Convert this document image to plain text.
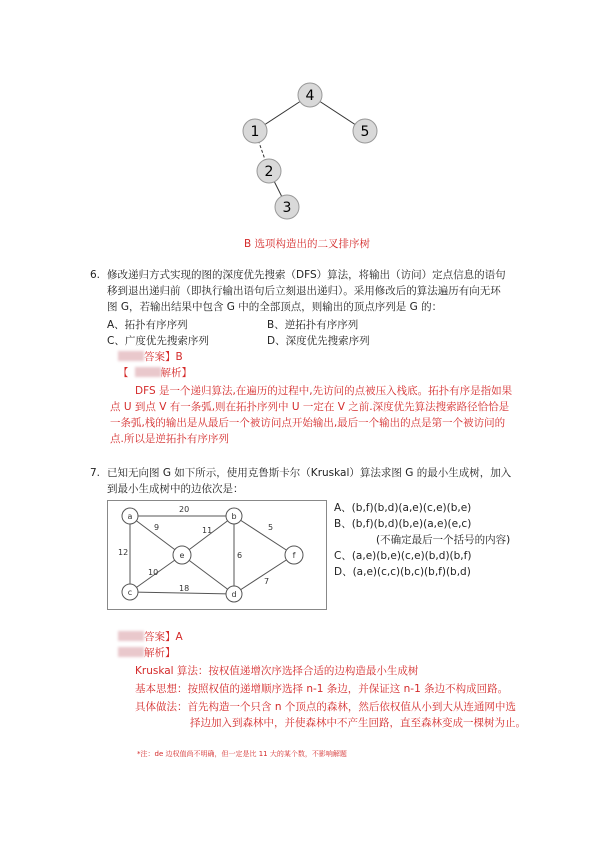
4
1	5
2
3
B 选项构造出的二叉排序树
6. 修改递归方式实现的图的深度优先搜索（DFS）算法，将输出（访问）定点信息的语句
移到退出递归前（即执行输出语句后立刻退出递归）。采用修改后的算法遍历有向无环
图 G，若输出结果中包含 G 中的全部顶点，则输出的顶点序列是 G 的：
A、拓扑有序序列	B、逆拓扑有序序列
C、广度优先搜索序列	D、深度优先搜索序列
答案】B
【	解析】
DFS 是一个递归算法,在遍历的过程中,先访问的点被压入栈底。拓扑有序是指如果
点 U 到点 V 有一条弧,则在拓扑序列中 U 一定在 V 之前.深度优先算法搜索路径恰恰是
一条弧,栈的输出是从最后一个被访问点开始输出,最后一个输出的点是第一个被访问的
点.所以是逆拓扑有序序列
7. 已知无向图 G 如下所示，使用克鲁斯卡尔（Kruskal）算法求图 G 的最小生成树，加入
到最小生成树中的边依次是：
20
9	11	5
12	6
10
18
7
a	b
c	d
e	f
A、(b,f)(b,d)(a,e)(c,e)(b,e)
B、(b,f)(b,d)(b,e)(a,e)(e,c)
(不确定最后一个括号的内容)
C、(a,e)(b,e)(c,e)(b,d)(b,f)
D、(a,e)(c,c)(b,c)(b,f)(b,d)
答案】A
解析】
Kruskal 算法：按权值递增次序选择合适的边构造最小生成树
基本思想：按照权值的递增顺序选择 n-1 条边，并保证这 n-1 条边不构成回路。
具体做法：首先构造一个只含 n 个顶点的森林，然后依权值从小到大从连通网中选
择边加入到森林中，并使森林中不产生回路，直至森林变成一棵树为止。
*注：de 边权值尚不明确，但一定是比 11 大的某个数，不影响解题
